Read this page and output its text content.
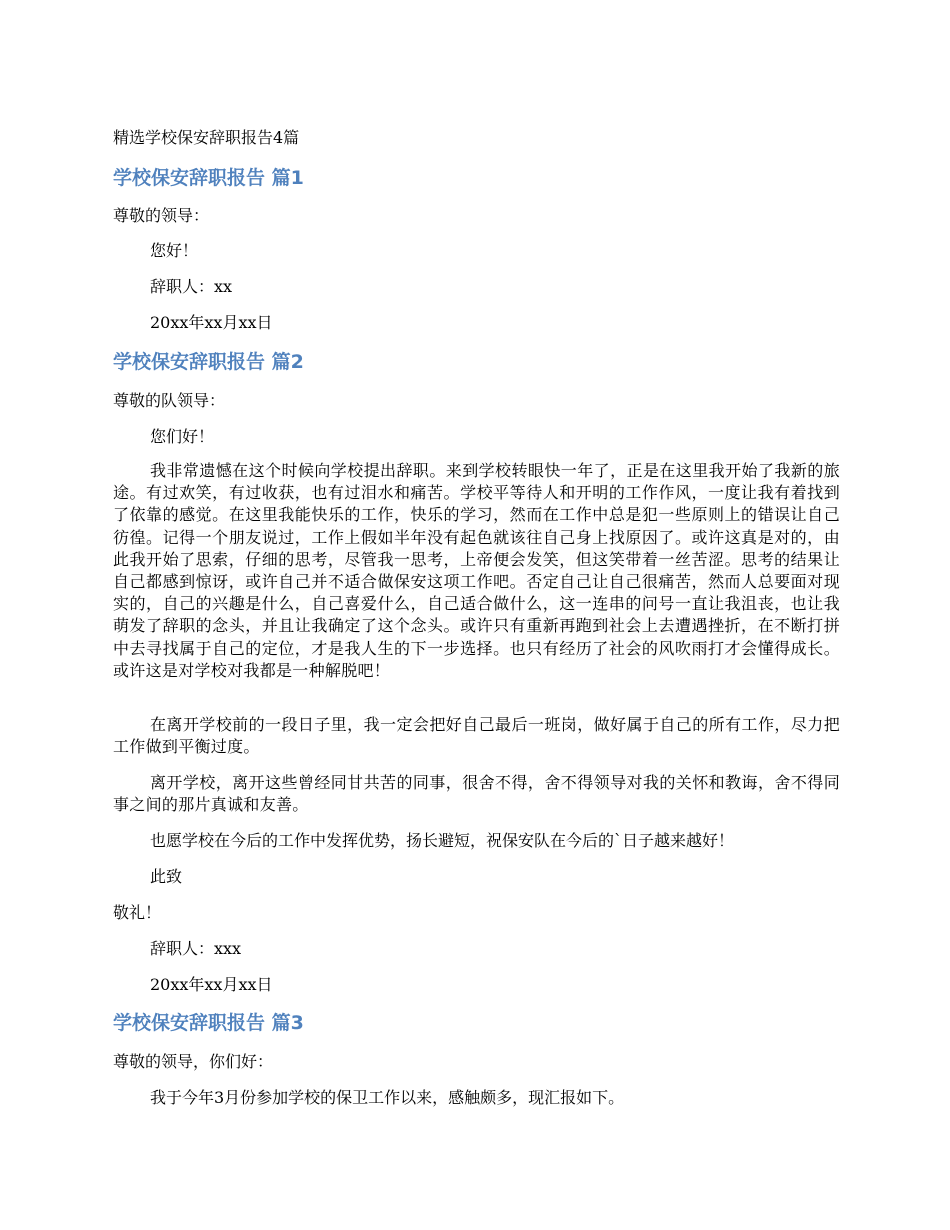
精选学校保安辞职报告4篇
学校保安辞职报告 篇1
尊敬的领导：
您好！
辞职人：xx
20xx年xx月xx日
学校保安辞职报告 篇2
尊敬的队领导：
您们好！
我非常遗憾在这个时候向学校提出辞职。来到学校转眼快一年了，正是在这里我开始了我新的旅途。有过欢笑，有过收获，也有过泪水和痛苦。学校平等待人和开明的工作作风，一度让我有着找到了依靠的感觉。在这里我能快乐的工作，快乐的学习，然而在工作中总是犯一些原则上的错误让自己彷徨。记得一个朋友说过，工作上假如半年没有起色就该往自己身上找原因了。或许这真是对的，由此我开始了思索，仔细的思考，尽管我一思考，上帝便会发笑，但这笑带着一丝苦涩。思考的结果让自己都感到惊讶，或许自己并不适合做保安这项工作吧。否定自己让自己很痛苦，然而人总要面对现实的，自己的兴趣是什么，自己喜爱什么，自己适合做什么，这一连串的问号一直让我沮丧，也让我萌发了辞职的念头，并且让我确定了这个念头。或许只有重新再跑到社会上去遭遇挫折，在不断打拼中去寻找属于自己的定位，才是我人生的下一步选择。也只有经历了社会的风吹雨打才会懂得成长。或许这是对学校对我都是一种解脱吧！
在离开学校前的一段日子里，我一定会把好自己最后一班岗，做好属于自己的所有工作，尽力把工作做到平衡过度。
离开学校，离开这些曾经同甘共苦的同事，很舍不得，舍不得领导对我的关怀和教诲，舍不得同事之间的那片真诚和友善。
也愿学校在今后的工作中发挥优势，扬长避短，祝保安队在今后的`日子越来越好！
此致
敬礼！
辞职人：xxx
20xx年xx月xx日
学校保安辞职报告 篇3
尊敬的领导，你们好：
我于今年3月份参加学校的保卫工作以来，感触颇多，现汇报如下。
